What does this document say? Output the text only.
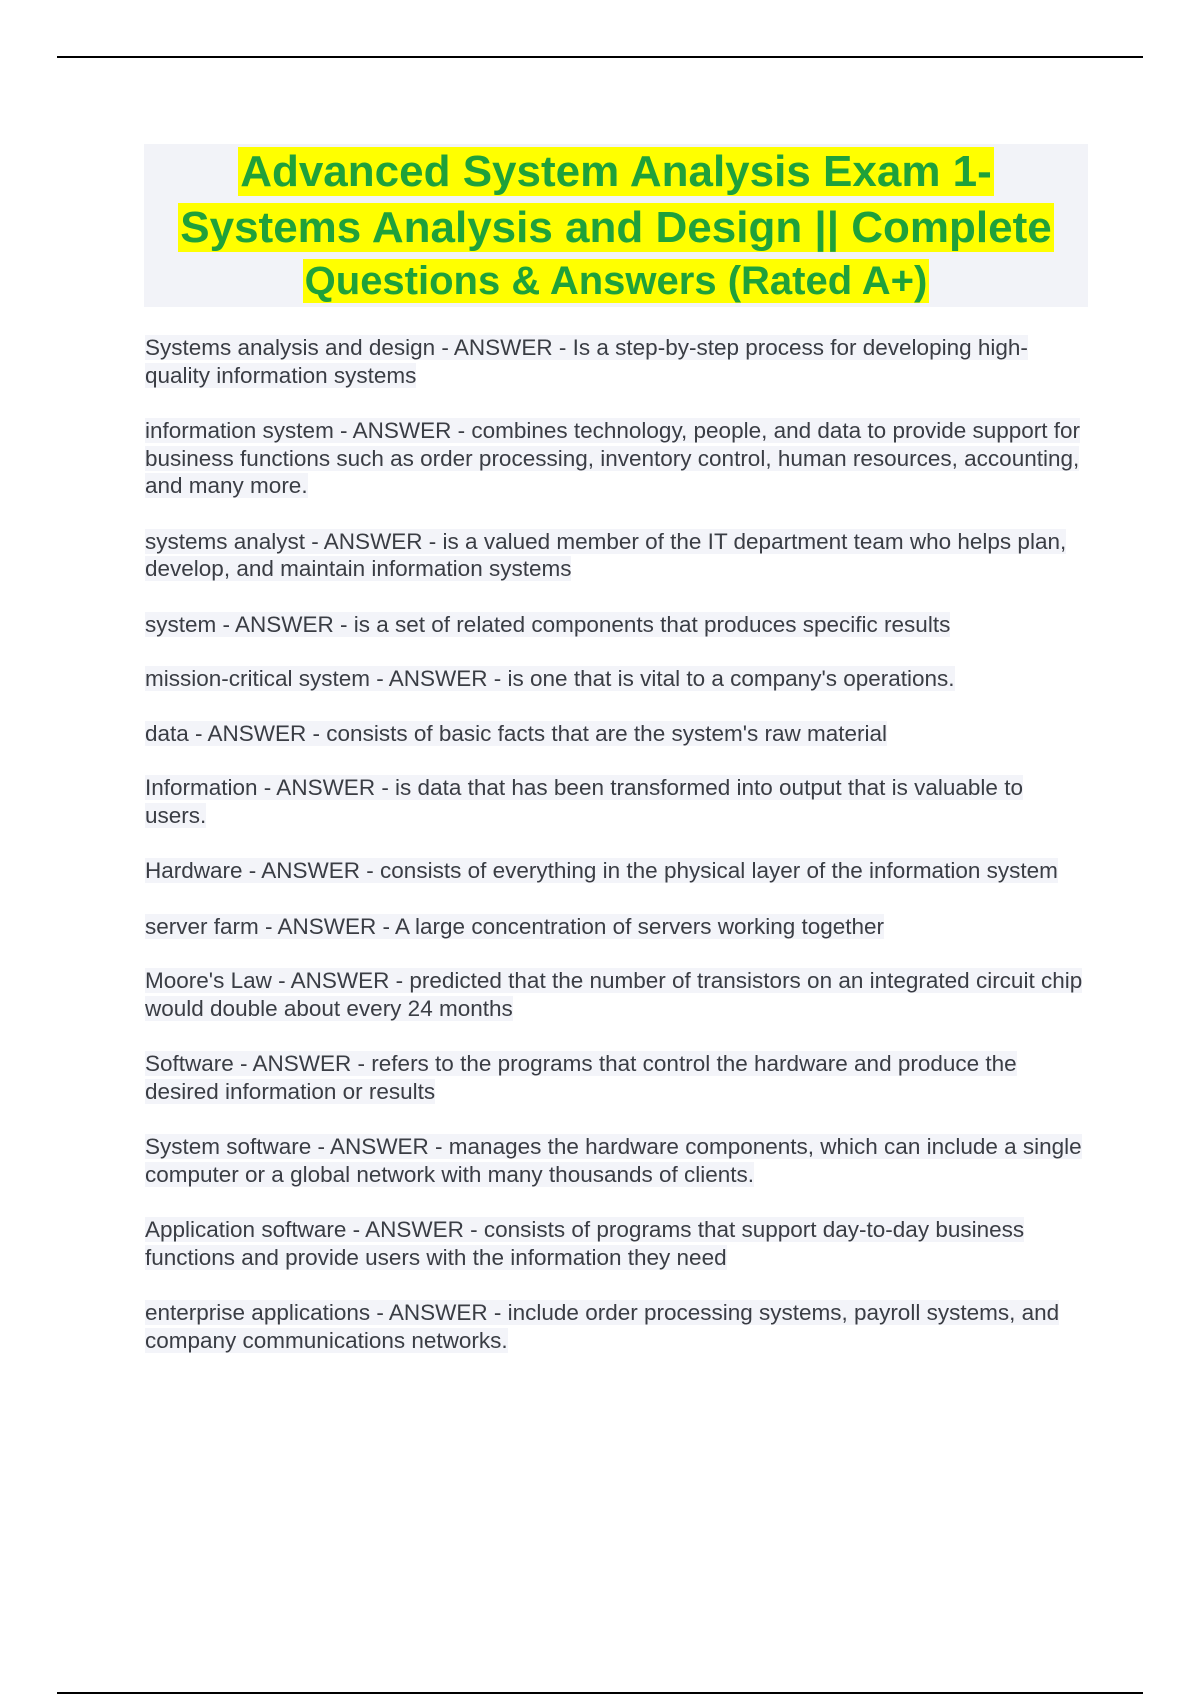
Advanced System Analysis Exam 1-
Systems Analysis and Design || Complete
Questions & Answers (Rated A+)
Systems analysis and design - ANSWER - Is a step-by-step process for developing high-quality information systems
information system - ANSWER - combines technology, people, and data to provide support for business functions such as order processing, inventory control, human resources, accounting, and many more.
systems analyst - ANSWER - is a valued member of the IT department team who helps plan, develop, and maintain information systems
system - ANSWER - is a set of related components that produces specific results
mission-critical system - ANSWER - is one that is vital to a company's operations.
data - ANSWER - consists of basic facts that are the system's raw material
Information - ANSWER - is data that has been transformed into output that is valuable to users.
Hardware - ANSWER - consists of everything in the physical layer of the information system
server farm - ANSWER - A large concentration of servers working together
Moore's Law - ANSWER - predicted that the number of transistors on an integrated circuit chip would double about every 24 months
Software - ANSWER - refers to the programs that control the hardware and produce the desired information or results
System software - ANSWER - manages the hardware components, which can include a single computer or a global network with many thousands of clients.
Application software - ANSWER - consists of programs that support day-to-day business functions and provide users with the information they need
enterprise applications - ANSWER - include order processing systems, payroll systems, and company communications networks.
